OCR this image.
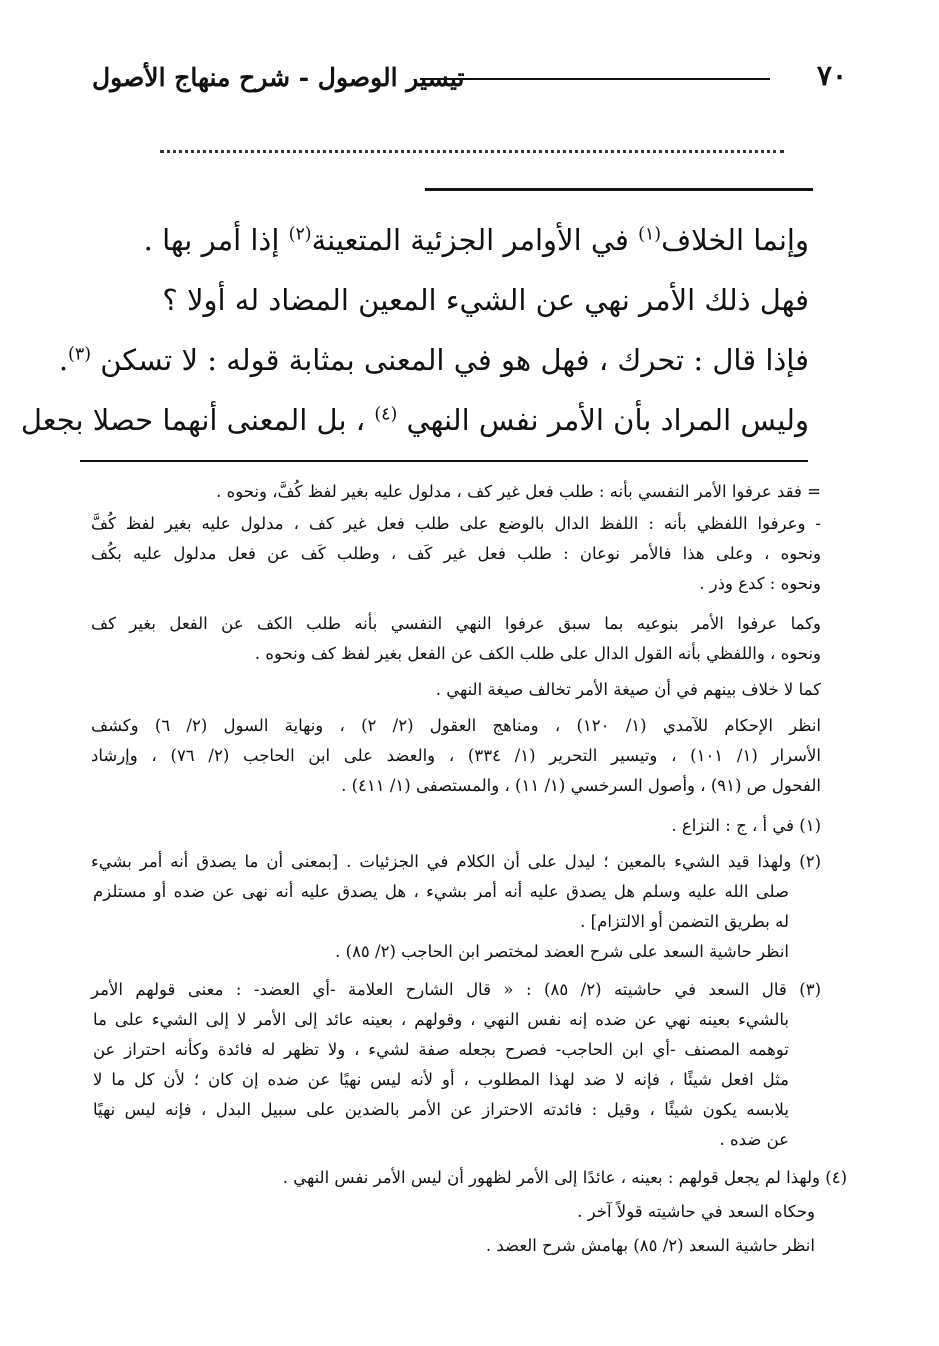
٧٠
تيسير الوصول - شرح منهاج الأصول
وإنما الخلاف$^{(١)}$ في الأوامر الجزئية المتعينة$^{(٢)}$ إذا أمر بها .
فهل ذلك الأمر نهي عن الشيء المعين المضاد له أولا ؟
فإذا قال : تحرك ، فهل هو في المعنى بمثابة قوله : لا تسكن $^{(٣)}$.
وليس المراد بأن الأمر نفس النهي $^{(٤)}$ ، بل المعنى أنهما حصلا بجعل
= فقد عرفوا الأمر النفسي بأنه : طلب فعل غير كف ، مدلول عليه بغير لفظ كُفَّ، ونحوه .
- وعرفوا اللفظي بأنه : اللفظ الدال بالوضع على طلب فعل غير كف ، مدلول عليه بغير لفظ كُفَّ
ونحوه ، وعلى هذا فالأمر نوعان : طلب فعل غير كَف ، وطلب كَف عن فعل مدلول عليه بكُف
ونحوه : كدع وذر .
وكما عرفوا الأمر بنوعيه بما سبق عرفوا النهي النفسي بأنه طلب الكف عن الفعل بغير كف
ونحوه ، واللفظي بأنه القول الدال على طلب الكف عن الفعل بغير لفظ كف ونحوه .
كما لا خلاف بينهم في أن صيغة الأمر تخالف صيغة النهي .
انظر الإحكام للآمدي (١/ ١٢٠) ، ومناهج العقول (٢/ ٢) ، ونهاية السول (٢/ ٦) وكشف
الأسرار (١/ ١٠١) ، وتيسير التحرير (١/ ٣٣٤) ، والعضد على ابن الحاجب (٢/ ٧٦) ، وإرشاد
الفحول ص (٩١) ، وأصول السرخسي (١/ ١١) ، والمستصفى (١/ ٤١١) .
(١) في أ ، ج : النزاع .
(٢) ولهذا قيد الشيء بالمعين ؛ ليدل على أن الكلام في الجزئيات . [بمعنى أن ما يصدق أنه أمر بشيء
صلى الله عليه وسلم هل يصدق عليه أنه أمر بشيء ، هل يصدق عليه أنه نهى عن ضده أو مستلزم
له بطريق التضمن أو الالتزام] .
انظر حاشية السعد على شرح العضد لمختصر ابن الحاجب (٢/ ٨٥) .
(٣) قال السعد في حاشيته (٢/ ٨٥) : « قال الشارح العلامة -أي العضد- : معنى قولهم الأمر
بالشيء بعينه نهي عن ضده إنه نفس النهي ، وقولهم ، بعينه عائد إلى الأمر لا إلى الشيء على ما
توهمه المصنف -أي ابن الحاجب- فصرح بجعله صفة لشيء ، ولا تظهر له فائدة وكأنه احتراز عن
مثل افعل شيئًا ، فإنه لا ضد لهذا المطلوب ، أو لأنه ليس نهيًا عن ضده إن كان ؛ لأن كل ما لا
يلابسه يكون شيئًا ، وقيل : فائدته الاحتراز عن الأمر بالضدين على سبيل البدل ، فإنه ليس نهيًا
عن ضده .
(٤) ولهذا لم يجعل قولهم : بعينه ، عائدًا إلى الأمر لظهور أن ليس الأمر نفس النهي .
وحكاه السعد في حاشيته قولاً آخر .
انظر حاشية السعد (٢/ ٨٥) بهامش شرح العضد .
